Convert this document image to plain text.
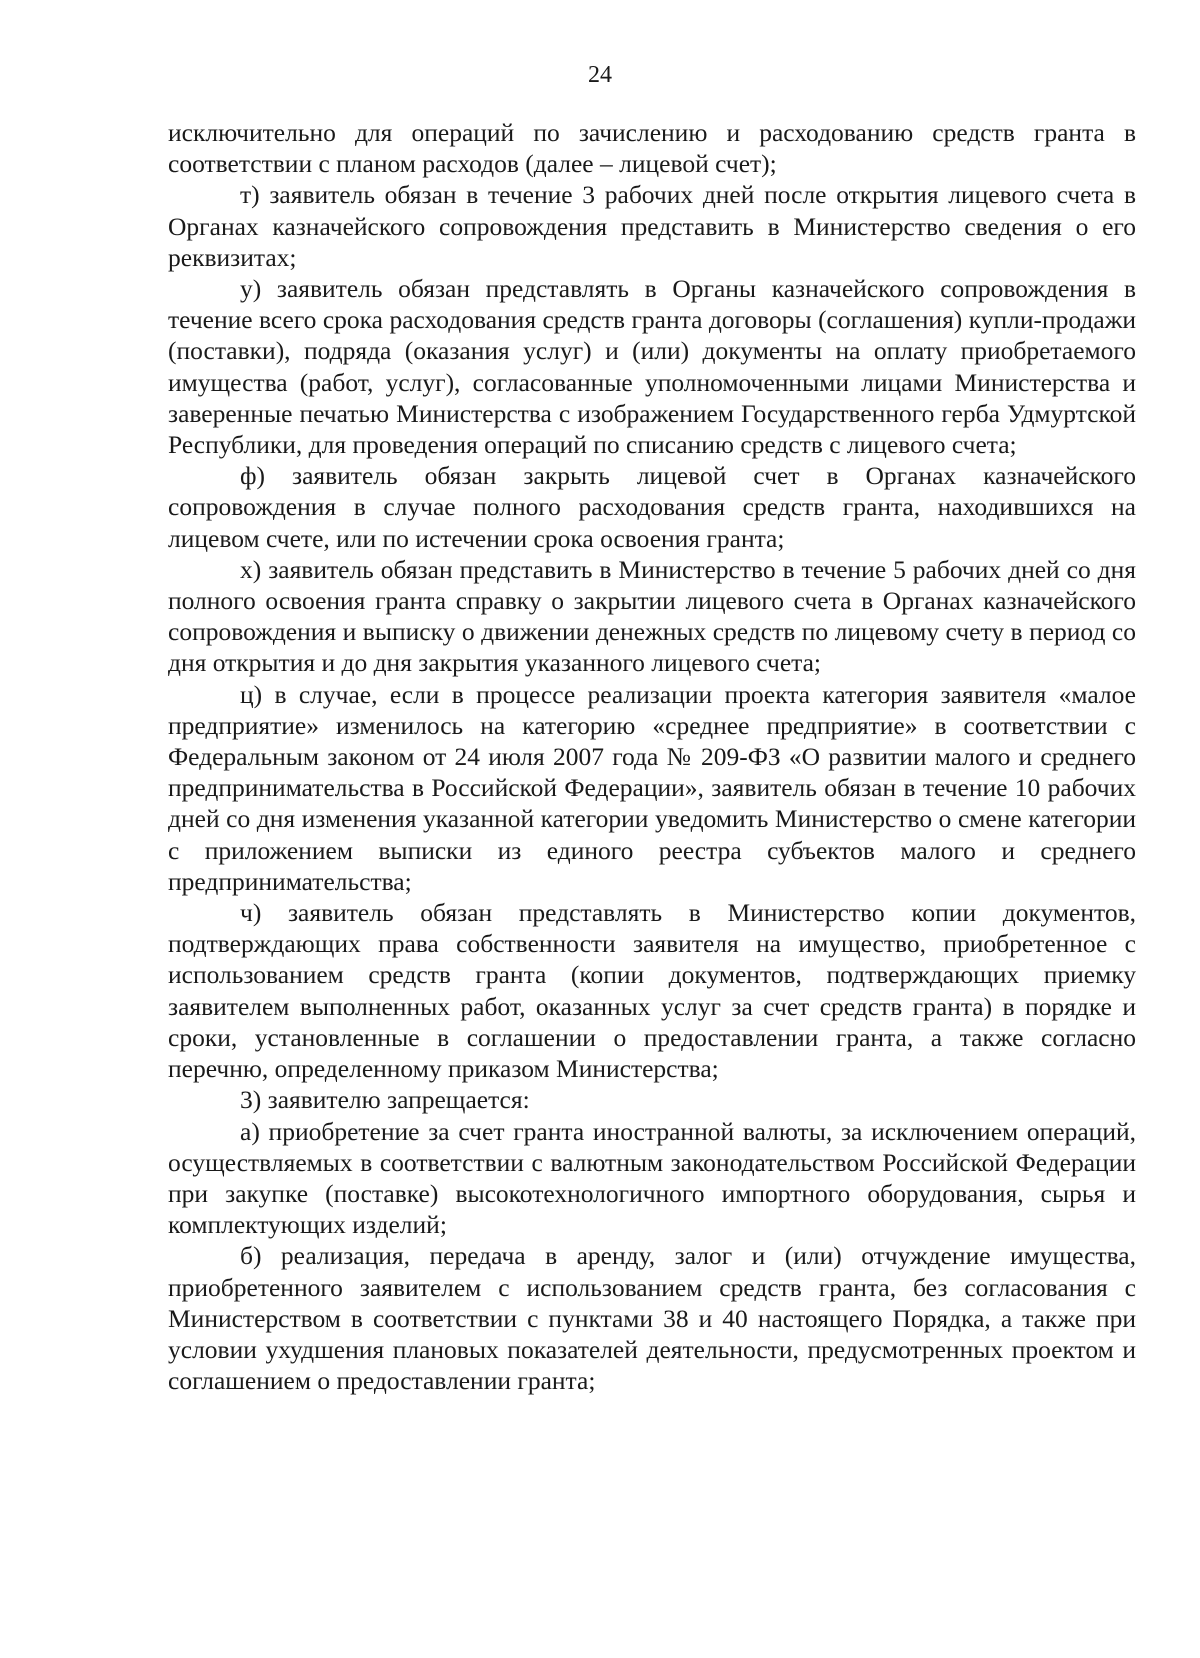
24

исключительно для операций по зачислению и расходованию средств гранта в соответствии с планом расходов (далее – лицевой счет);

т) заявитель обязан в течение 3 рабочих дней после открытия лицевого счета в Органах казначейского сопровождения представить в Министерство сведения о его реквизитах;

у) заявитель обязан представлять в Органы казначейского сопровождения в течение всего срока расходования средств гранта договоры (соглашения) купли-продажи (поставки), подряда (оказания услуг) и (или) документы на оплату приобретаемого имущества (работ, услуг), согласованные уполномоченными лицами Министерства и заверенные печатью Министерства с изображением Государственного герба Удмуртской Республики, для проведения операций по списанию средств с лицевого счета;

ф) заявитель обязан закрыть лицевой счет в Органах казначейского сопровождения в случае полного расходования средств гранта, находившихся на лицевом счете, или по истечении срока освоения гранта;

х) заявитель обязан представить в Министерство в течение 5 рабочих дней со дня полного освоения гранта справку о закрытии лицевого счета в Органах казначейского сопровождения и выписку о движении денежных средств по лицевому счету в период со дня открытия и до дня закрытия указанного лицевого счета;

ц) в случае, если в процессе реализации проекта категория заявителя «малое предприятие» изменилось на категорию «среднее предприятие» в соответствии с Федеральным законом от 24 июля 2007 года № 209-ФЗ «О развитии малого и среднего предпринимательства в Российской Федерации», заявитель обязан в течение 10 рабочих дней со дня изменения указанной категории уведомить Министерство о смене категории с приложением выписки из единого реестра субъектов малого и среднего предпринимательства;

ч) заявитель обязан представлять в Министерство копии документов, подтверждающих права собственности заявителя на имущество, приобретенное с использованием средств гранта (копии документов, подтверждающих приемку заявителем выполненных работ, оказанных услуг за счет средств гранта) в порядке и сроки, установленные в соглашении о предоставлении гранта, а также согласно перечню, определенному приказом Министерства;

3) заявителю запрещается:

а) приобретение за счет гранта иностранной валюты, за исключением операций, осуществляемых в соответствии с валютным законодательством Российской Федерации при закупке (поставке) высокотехнологичного импортного оборудования, сырья и комплектующих изделий;

б) реализация, передача в аренду, залог и (или) отчуждение имущества, приобретенного заявителем с использованием средств гранта, без согласования с Министерством в соответствии с пунктами 38 и 40 настоящего Порядка, а также при условии ухудшения плановых показателей деятельности, предусмотренных проектом и соглашением о предоставлении гранта;
